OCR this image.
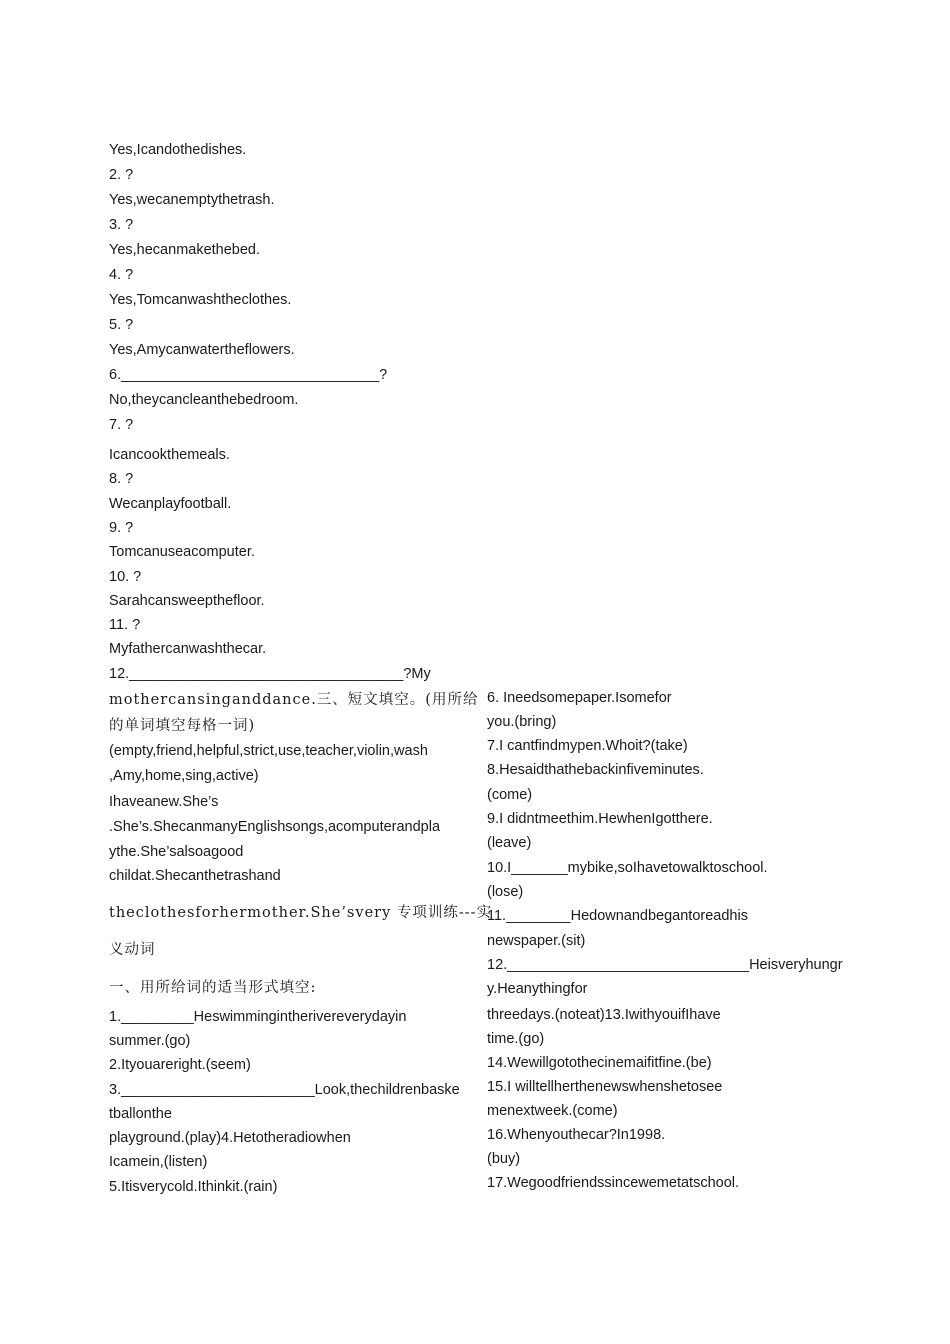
Yes,Icandothedishes.
2. ?
Yes,wecanemptythetrash.
3. ?
Yes,hecanmakethebed.
4. ?
Yes,Tomcanwashtheclothes.
5. ?
Yes,Amycanwatertheflowers.
6.________________________________?
No,theycancleanthebedroom.
7. ?
Icancookthemeals.
8. ?
Wecanplayfootball.
9. ?
Tomcanuseacomputer.
10. ?
Sarahcansweepthefloor.
11. ?
Myfathercanwashthecar.
12.__________________________________?My
mothercansinganddance.三、短文填空。(用所给
的单词填空每格一词)
(empty,friend,helpful,strict,use,teacher,violin,wash
,Amy,home,sing,active)
Ihaveanew.She’s
.She’s.ShecanmanyEnglishsongs,acomputerandpla
ythe.She’salsoagood
childat.Shecanthetrashand
theclothesforhermother.She’svery 专项训练---实
义动词
一、用所给词的适当形式填空:
1._________Heswimmingintherivereverydayin
summer.(go)
2.Ityouareright.(seem)
3.________________________Look,thechildrenbaske
tballonthe
playground.(play)4.Hetotheradiowhen
Icamein,(listen)
5.Itisverycold.Ithinkit.(rain)
6. Ineedsomepaper.Isomefor
you.(bring)
7.I cantfindmypen.Whoit?(take)
8.Hesaidthathebackinfiveminutes.
(come)
9.I didntmeethim.HewhenIgotthere.
(leave)
10.I_______mybike,soIhavetowalktoschool.
(lose)
11.________Hedownandbegantoreadhis
newspaper.(sit)
12.______________________________Heisveryhungr
y.Heanythingfor
threedays.(noteat)13.IwithyouifIhave
time.(go)
14.Wewillgotothecinemaifitfine.(be)
15.I willtellherthenewswhenshetosee
menextweek.(come)
16.Whenyouthecar?In1998.
(buy)
17.Wegoodfriendssincewemetatschool.
